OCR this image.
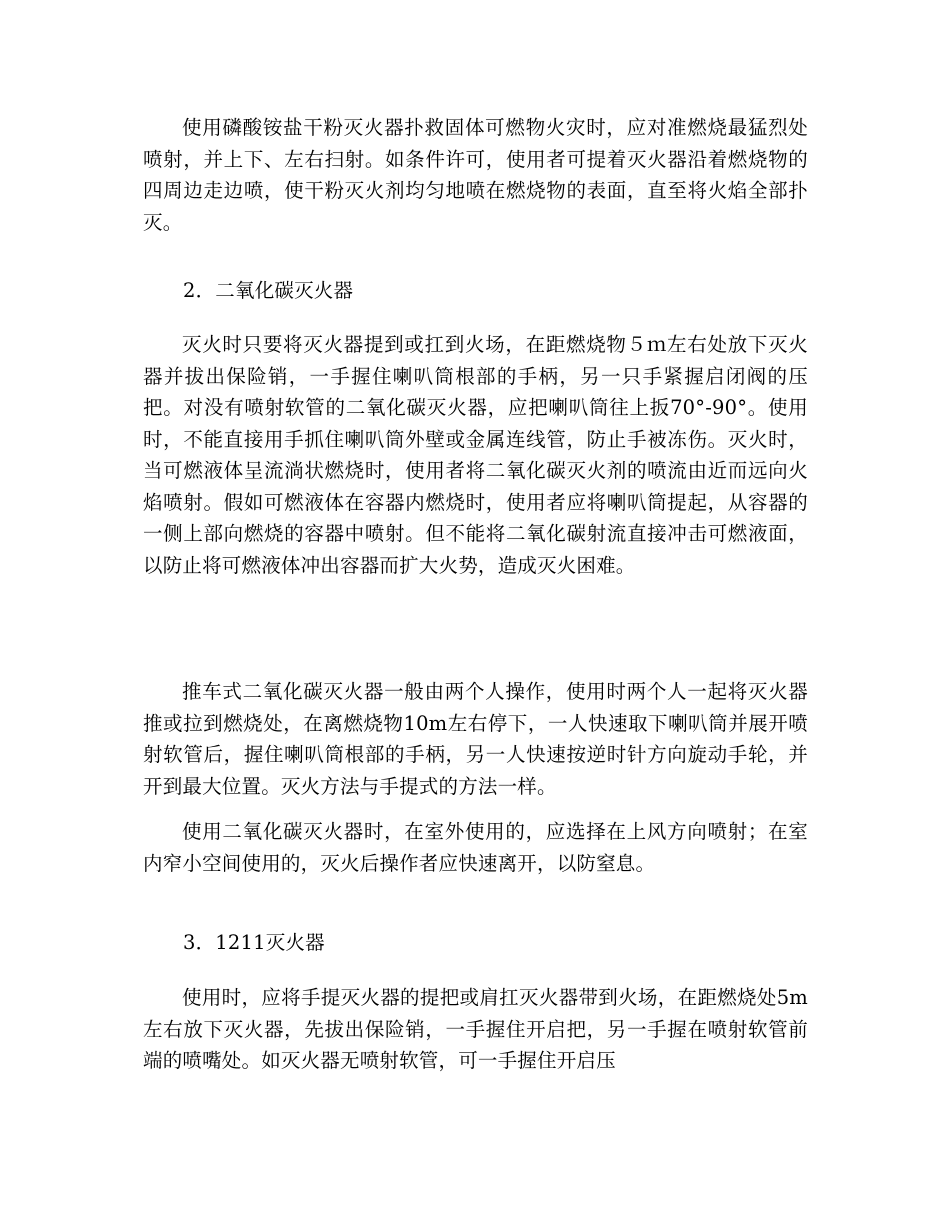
使用磷酸铵盐干粉灭火器扑救固体可燃物火灾时，应对准燃烧最猛烈处喷射，并上下、左右扫射。如条件许可，使用者可提着灭火器沿着燃烧物的四周边走边喷，使干粉灭火剂均匀地喷在燃烧物的表面，直至将火焰全部扑灭。

2．二氧化碳灭火器

灭火时只要将灭火器提到或扛到火场，在距燃烧物５ｍ左右处放下灭火器并拔出保险销，一手握住喇叭筒根部的手柄，另一只手紧握启闭阀的压把。对没有喷射软管的二氧化碳灭火器，应把喇叭筒往上扳70°-90°。使用时，不能直接用手抓住喇叭筒外壁或金属连线管，防止手被冻伤。灭火时，当可燃液体呈流淌状燃烧时，使用者将二氧化碳灭火剂的喷流由近而远向火焰喷射。假如可燃液体在容器内燃烧时，使用者应将喇叭筒提起，从容器的一侧上部向燃烧的容器中喷射。但不能将二氧化碳射流直接冲击可燃液面，以防止将可燃液体冲出容器而扩大火势，造成灭火困难。

推车式二氧化碳灭火器一般由两个人操作，使用时两个人一起将灭火器推或拉到燃烧处，在离燃烧物10m左右停下，一人快速取下喇叭筒并展开喷射软管后，握住喇叭筒根部的手柄，另一人快速按逆时针方向旋动手轮，并开到最大位置。灭火方法与手提式的方法一样。

使用二氧化碳灭火器时，在室外使用的，应选择在上风方向喷射；在室内窄小空间使用的，灭火后操作者应快速离开，以防窒息。

3．1211灭火器

使用时，应将手提灭火器的提把或肩扛灭火器带到火场，在距燃烧处5m左右放下灭火器，先拔出保险销，一手握住开启把，另一手握在喷射软管前端的喷嘴处。如灭火器无喷射软管，可一手握住开启压
